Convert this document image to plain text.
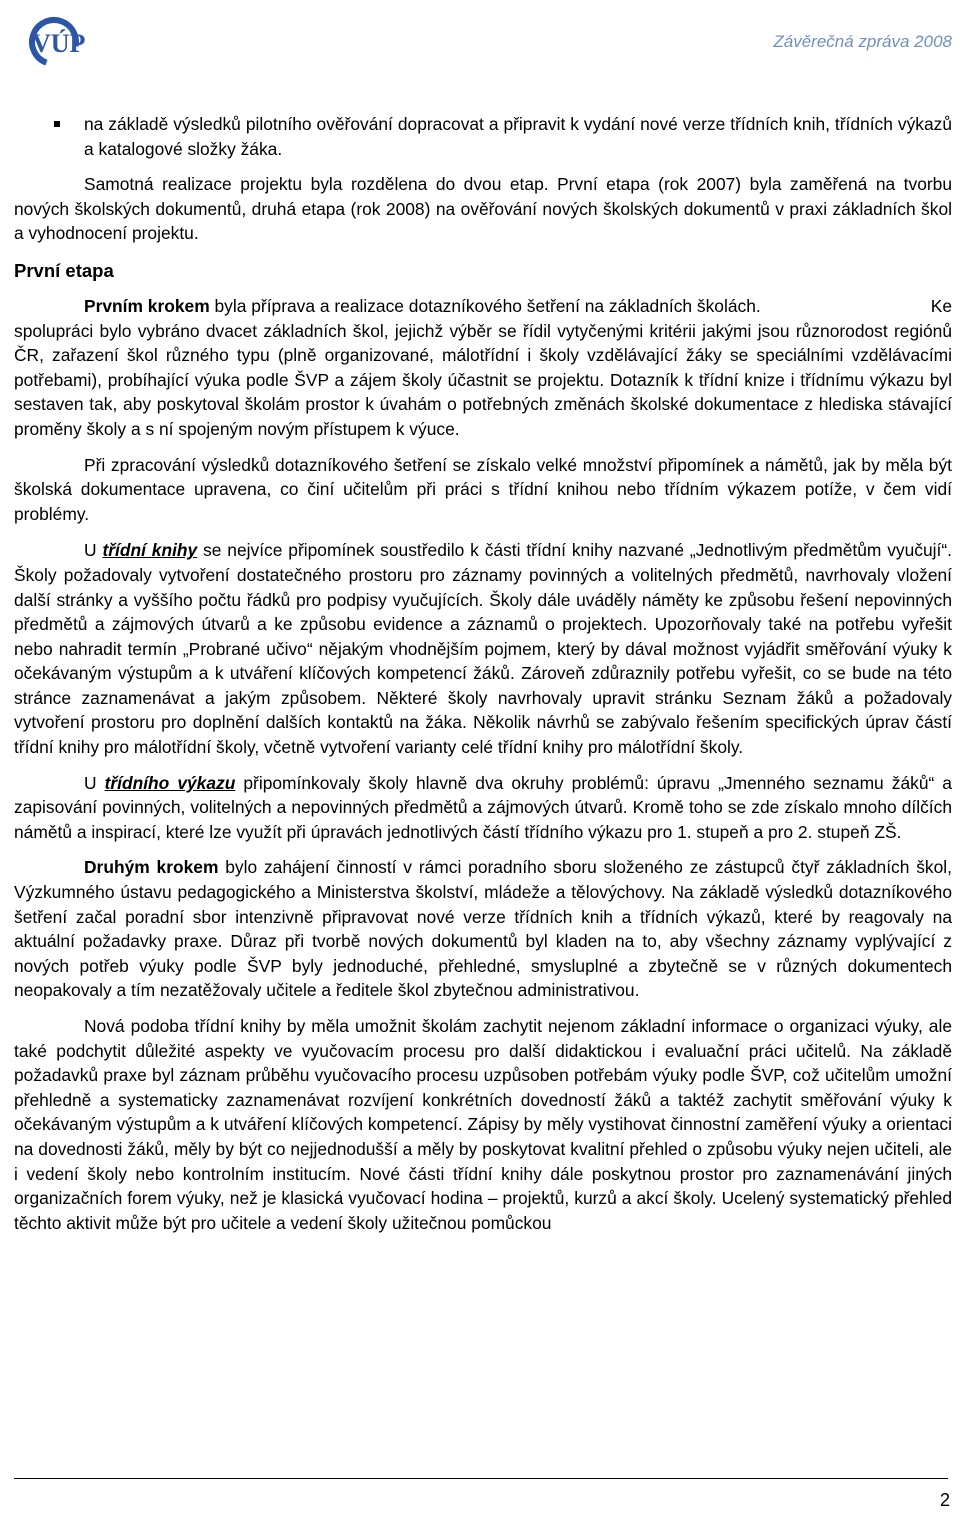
VÚP	Závěrečná zpráva 2008

na základě výsledků pilotního ověřování dopracovat a připravit k vydání nové verze třídních knih, třídních výkazů a katalogové složky žáka.

Samotná realizace projektu byla rozdělena do dvou etap. První etapa (rok 2007) byla zaměřená na tvorbu nových školských dokumentů, druhá etapa (rok 2008) na ověřování nových školských dokumentů v praxi základních škol a vyhodnocení projektu.

První etapa
Prvním krokem byla příprava a realizace dotazníkového šetření na základních školách.	Ke

spolupráci bylo vybráno dvacet základních škol, jejichž výběr se řídil vytyčenými kritérii jakými jsou různorodost regiónů ČR, zařazení škol různého typu (plně organizované, málotřídní i školy vzdělávající žáky se speciálními vzdělávacími potřebami), probíhající výuka podle ŠVP a zájem školy účastnit se projektu. Dotazník k třídní knize i třídnímu výkazu byl sestaven tak, aby poskytoval školám prostor k úvahám o potřebných změnách školské dokumentace z hlediska stávající proměny školy a s ní spojeným novým přístupem k výuce.

Při zpracování výsledků dotazníkového šetření se získalo velké množství připomínek a námětů, jak by měla být školská dokumentace upravena, co činí učitelům při práci s třídní knihou nebo třídním výkazem potíže, v čem vidí problémy.

U třídní knihy se nejvíce připomínek soustředilo k části třídní knihy nazvané „Jednotlivým předmětům vyučují“. Školy požadovaly vytvoření dostatečného prostoru pro záznamy povinných a volitelných předmětů, navrhovaly vložení další stránky a vyššího počtu řádků pro podpisy vyučujících. Školy dále uváděly náměty ke způsobu řešení nepovinných předmětů a zájmových útvarů a ke způsobu evidence a záznamů o projektech. Upozorňovaly také na potřebu vyřešit nebo nahradit termín „Probrané učivo“ nějakým vhodnějším pojmem, který by dával možnost vyjádřit směřování výuky k očekávaným výstupům a k utváření klíčových kompetencí žáků. Zároveň zdůraznily potřebu vyřešit, co se bude na této stránce zaznamenávat a jakým způsobem. Některé školy navrhovaly upravit stránku Seznam žáků a požadovaly vytvoření prostoru pro doplnění dalších kontaktů na žáka. Několik návrhů se zabývalo řešením specifických úprav částí třídní knihy pro málotřídní školy, včetně vytvoření varianty celé třídní knihy pro málotřídní školy.

U třídního výkazu připomínkovaly školy hlavně dva okruhy problémů: úpravu „Jmenného seznamu žáků“ a zapisování povinných, volitelných a nepovinných předmětů a zájmových útvarů. Kromě toho se zde získalo mnoho dílčích námětů a inspirací, které lze využít při úpravách jednotlivých částí třídního výkazu pro 1. stupeň a pro 2. stupeň ZŠ.

Druhým krokem bylo zahájení činností v rámci poradního sboru složeného ze zástupců čtyř základních škol, Výzkumného ústavu pedagogického a Ministerstva školství, mládeže a tělovýchovy. Na základě výsledků dotazníkového šetření začal poradní sbor intenzivně připravovat nové verze třídních knih a třídních výkazů, které by reagovaly na aktuální požadavky praxe. Důraz při tvorbě nových dokumentů byl kladen na to, aby všechny záznamy vyplývající z nových potřeb výuky podle ŠVP byly jednoduché, přehledné, smysluplné a zbytečně se v různých dokumentech neopakovaly a tím nezatěžovaly učitele a ředitele škol zbytečnou administrativou.

Nová podoba třídní knihy by měla umožnit školám zachytit nejenom základní informace o organizaci výuky, ale také podchytit důležité aspekty ve vyučovacím procesu pro další didaktickou i evaluační práci učitelů. Na základě požadavků praxe byl záznam průběhu vyučovacího procesu uzpůsoben potřebám výuky podle ŠVP, což učitelům umožní přehledně a systematicky zaznamenávat rozvíjení konkrétních dovedností žáků a taktéž zachytit směřování výuky k očekávaným výstupům a k utváření klíčových kompetencí. Zápisy by měly vystihovat činnostní zaměření výuky a orientaci na dovednosti žáků, měly by být co nejjednodušší a měly by poskytovat kvalitní přehled o způsobu výuky nejen učiteli, ale i vedení školy nebo kontrolním institucím. Nové části třídní knihy dále poskytnou prostor pro zaznamenávání jiných organizačních forem výuky, než je klasická vyučovací hodina – projektů, kurzů a akcí školy. Ucelený systematický přehled těchto aktivit může být pro učitele a vedení školy užitečnou pomůckou

2
